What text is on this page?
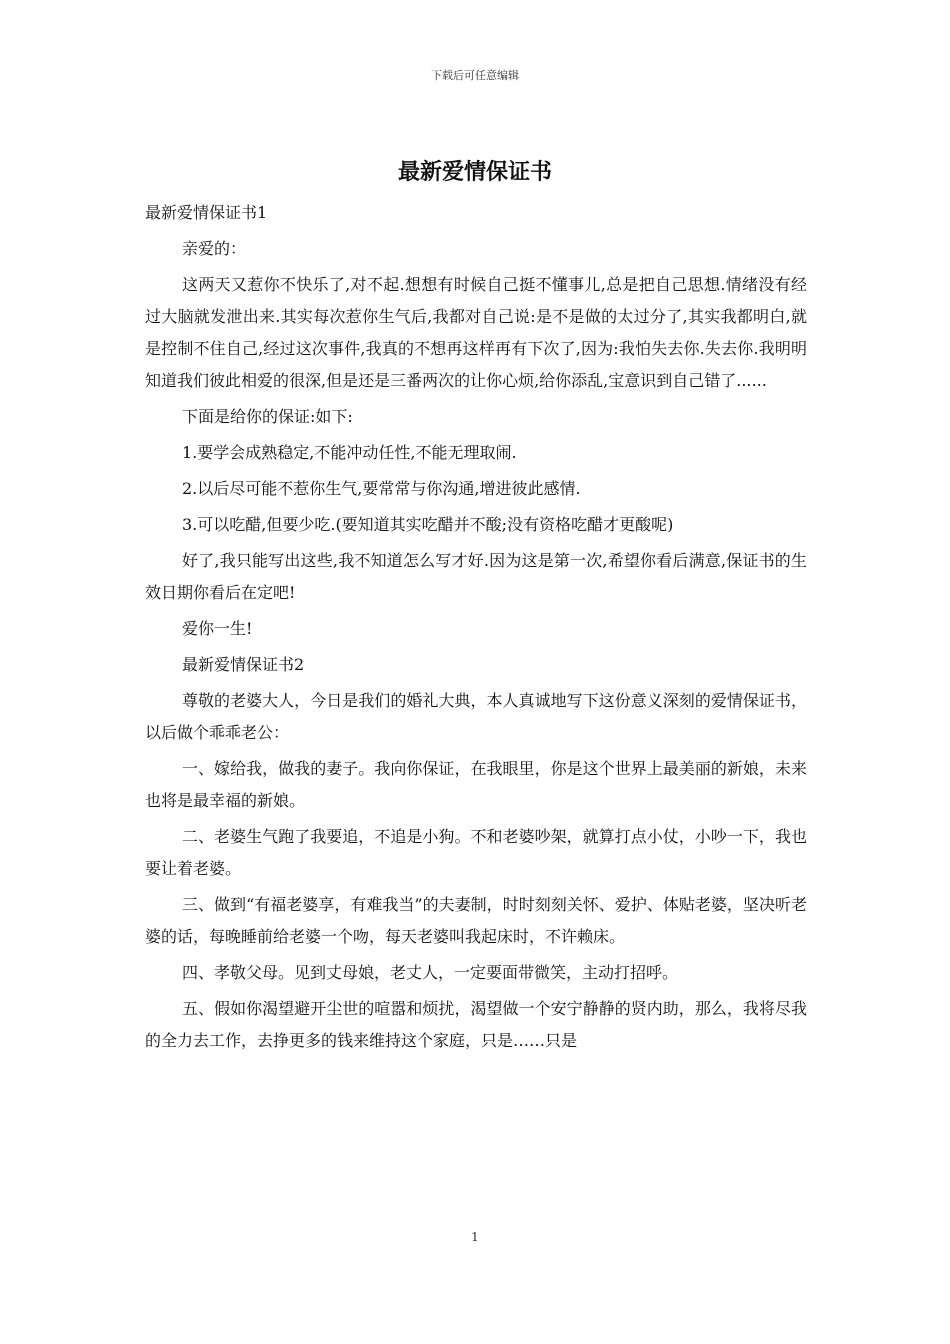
下载后可任意编辑
最新爱情保证书

最新爱情保证书1

亲爱的：

这两天又惹你不快乐了,对不起.想想有时候自己挺不懂事儿,总是把自己思想.情绪没有经过大脑就发泄出来.其实每次惹你生气后,我都对自己说:是不是做的太过分了,其实我都明白,就是控制不住自己,经过这次事件,我真的不想再这样再有下次了,因为:我怕失去你.失去你.我明明知道我们彼此相爱的很深,但是还是三番两次的让你心烦,给你添乱,宝意识到自己错了......

下面是给你的保证:如下:

1.要学会成熟稳定,不能冲动任性,不能无理取闹.

2.以后尽可能不惹你生气,要常常与你沟通,增进彼此感情.

3.可以吃醋,但要少吃.(要知道其实吃醋并不酸;没有资格吃醋才更酸呢)

好了,我只能写出这些,我不知道怎么写才好.因为这是第一次,希望你看后满意,保证书的生效日期你看后在定吧!

爱你一生!

最新爱情保证书2

尊敬的老婆大人，今日是我们的婚礼大典，本人真诚地写下这份意义深刻的爱情保证书，以后做个乖乖老公：

一、嫁给我，做我的妻子。我向你保证，在我眼里，你是这个世界上最美丽的新娘，未来也将是最幸福的新娘。

二、老婆生气跑了我要追，不追是小狗。不和老婆吵架，就算打点小仗，小吵一下，我也要让着老婆。

三、做到“有福老婆享，有难我当”的夫妻制，时时刻刻关怀、爱护、体贴老婆，坚决听老婆的话，每晚睡前给老婆一个吻，每天老婆叫我起床时，不许赖床。

四、孝敬父母。见到丈母娘，老丈人，一定要面带微笑，主动打招呼。

五、假如你渴望避开尘世的喧嚣和烦扰，渴望做一个安宁静静的贤内助，那么，我将尽我的全力去工作，去挣更多的钱来维持这个家庭，只是……只是

1
